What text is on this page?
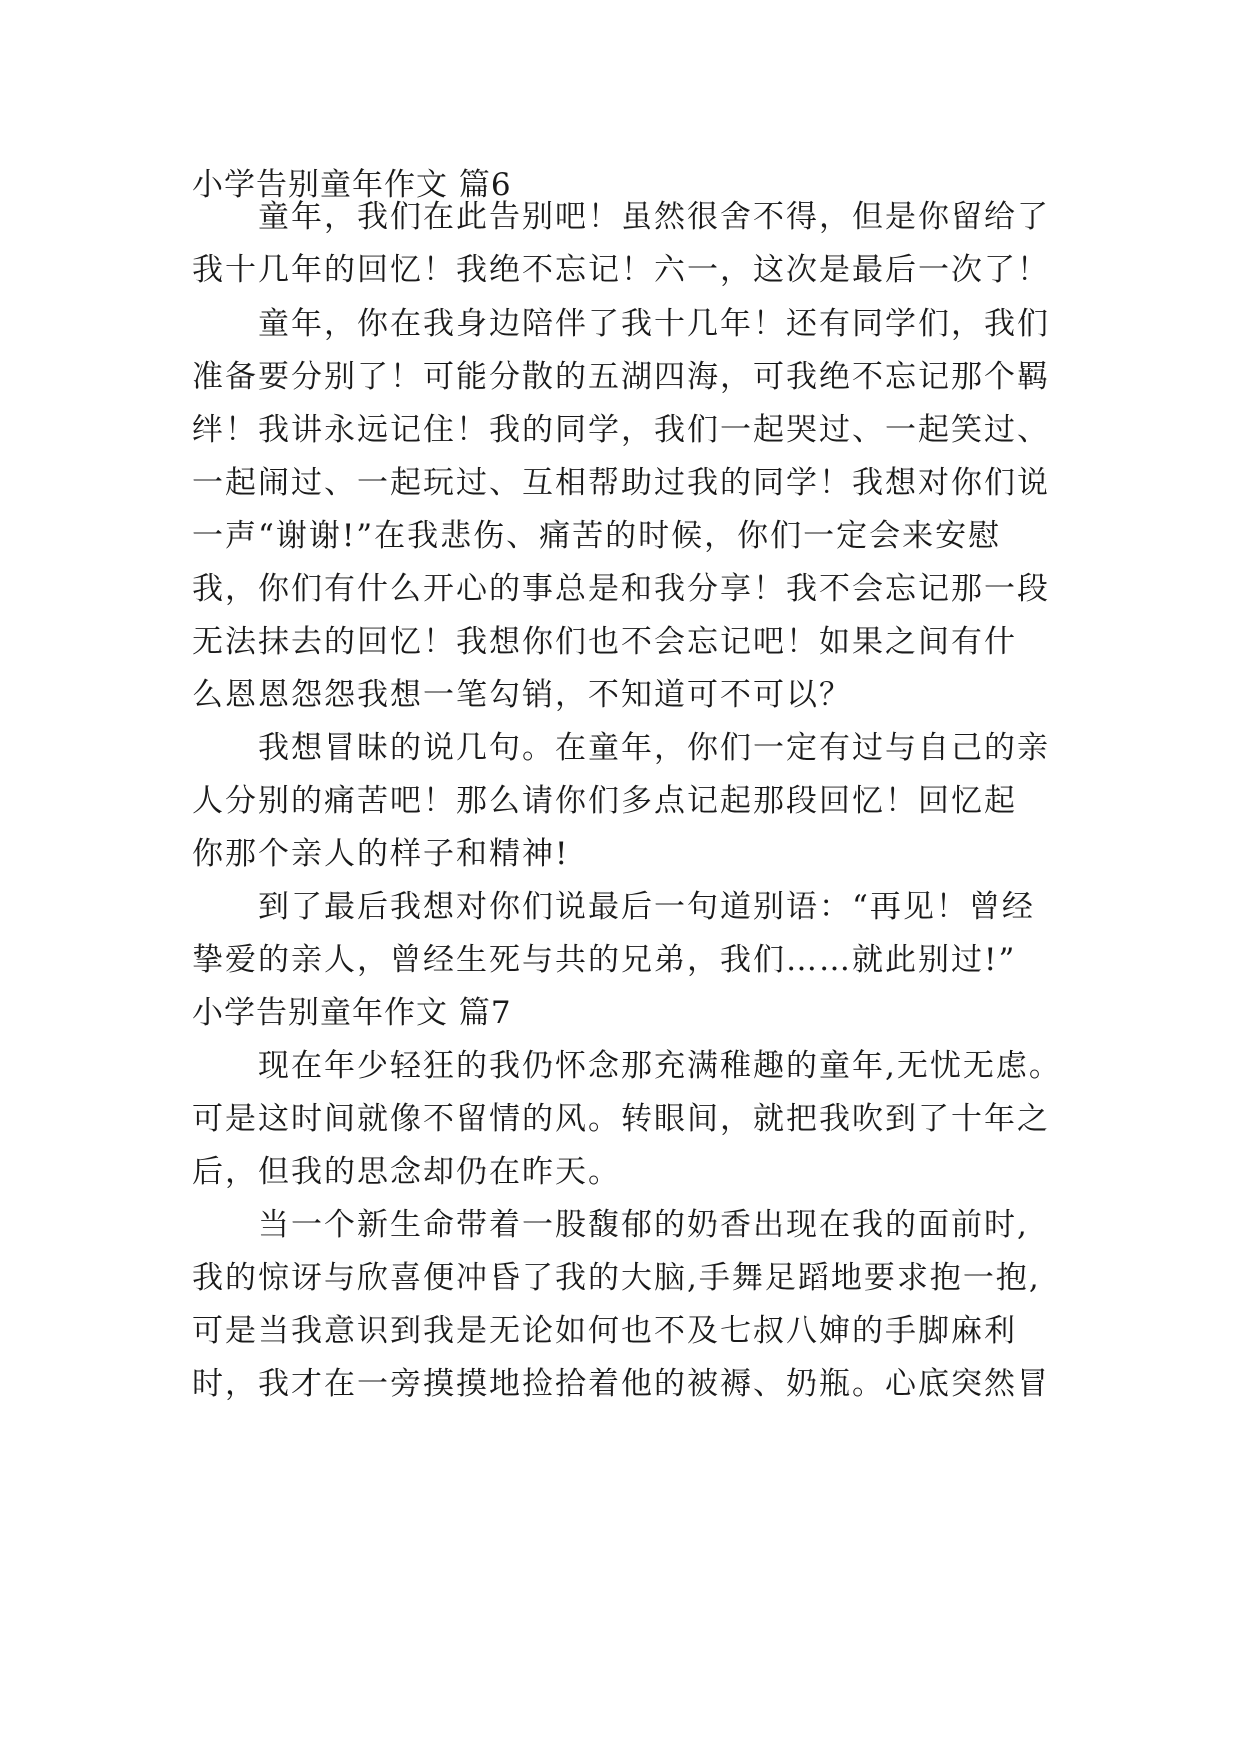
小学告别童年作文 篇6
　　童年，我们在此告别吧！虽然很舍不得，但是你留给了
我十几年的回忆！我绝不忘记！六一，这次是最后一次了！
　　童年，你在我身边陪伴了我十几年！还有同学们，我们
准备要分别了！可能分散的五湖四海，可我绝不忘记那个羁
绊！我讲永远记住！我的同学，我们一起哭过、一起笑过、
一起闹过、一起玩过、互相帮助过我的同学！我想对你们说
一声“谢谢!”在我悲伤、痛苦的时候，你们一定会来安慰
我，你们有什么开心的事总是和我分享！我不会忘记那一段
无法抹去的回忆！我想你们也不会忘记吧！如果之间有什
么恩恩怨怨我想一笔勾销，不知道可不可以？
　　我想冒昧的说几句。在童年，你们一定有过与自己的亲
人分别的痛苦吧！那么请你们多点记起那段回忆！回忆起
你那个亲人的样子和精神!
　　到了最后我想对你们说最后一句道别语：“再见！曾经
挚爱的亲人，曾经生死与共的兄弟，我们……就此别过!”
小学告别童年作文 篇7
　　现在年少轻狂的我仍怀念那充满稚趣的童年,无忧无虑。
可是这时间就像不留情的风。转眼间，就把我吹到了十年之
后，但我的思念却仍在昨天。
　　当一个新生命带着一股馥郁的奶香出现在我的面前时,
我的惊讶与欣喜便冲昏了我的大脑,手舞足蹈地要求抱一抱,
可是当我意识到我是无论如何也不及七叔八婶的手脚麻利
时，我才在一旁摸摸地捡拾着他的被褥、奶瓶。心底突然冒
